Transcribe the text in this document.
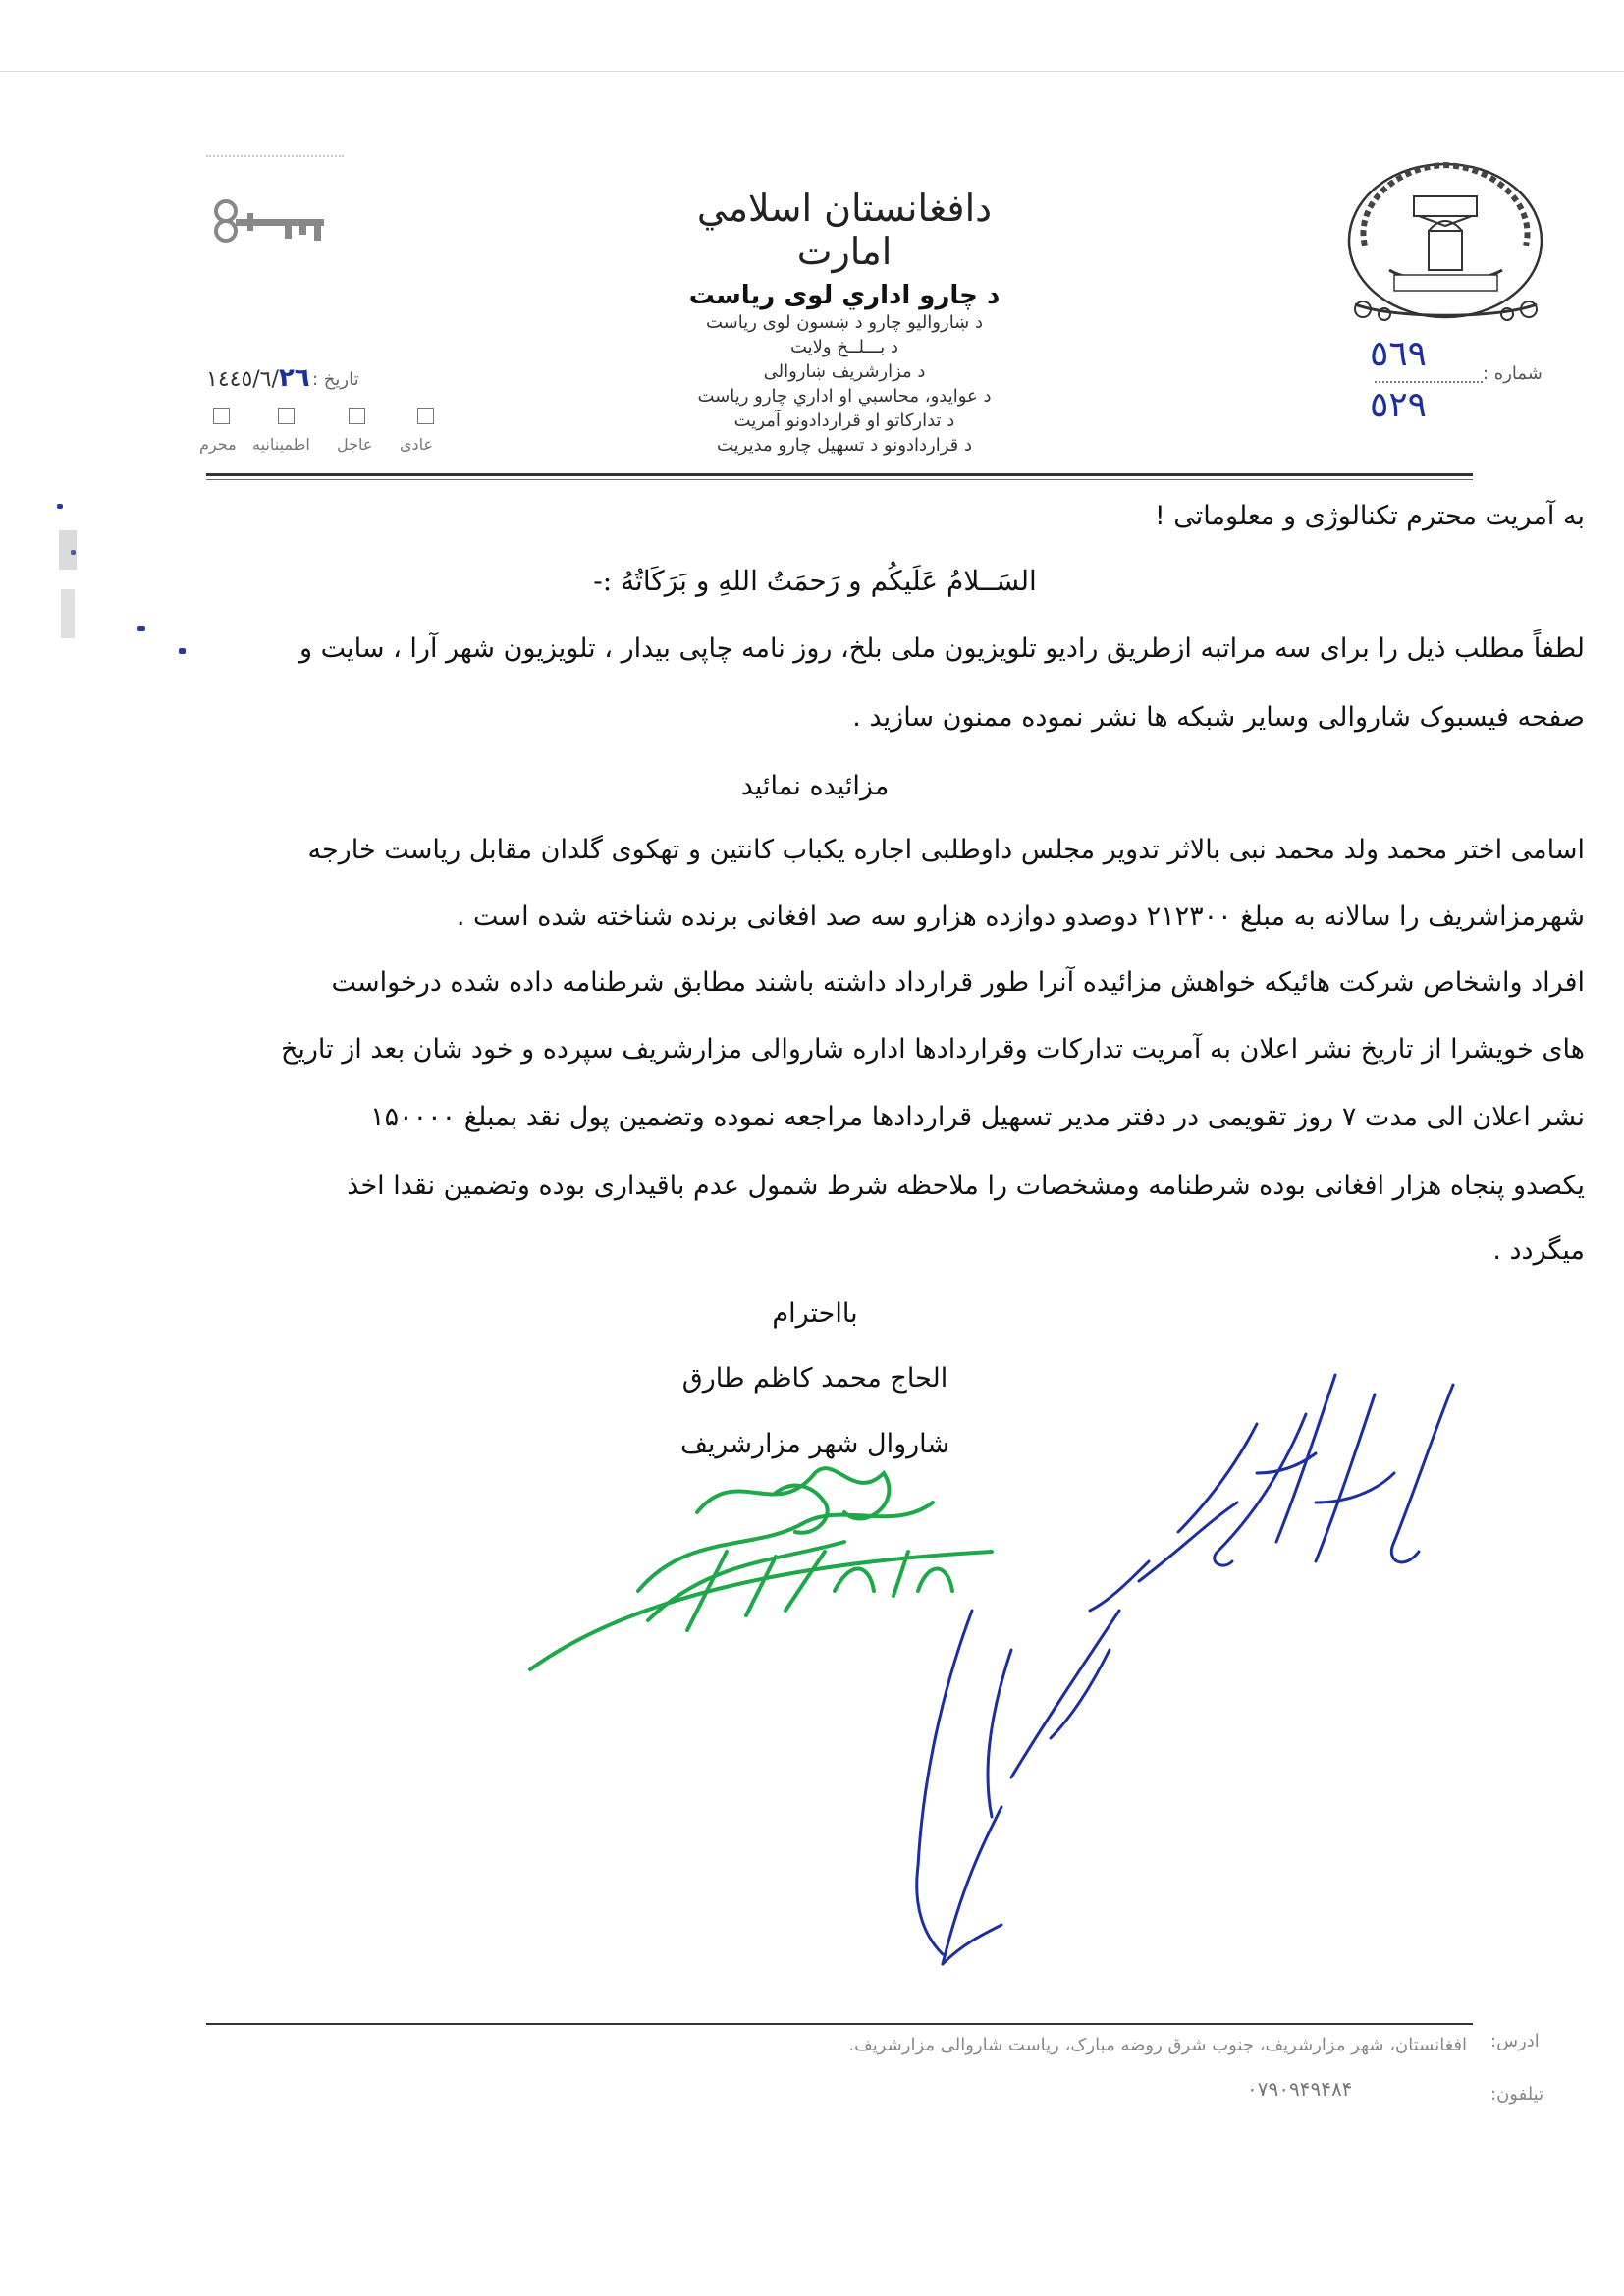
دافغانستان اسلامي امارت
د چارو اداري لوی رياست
د ښاروالیو چارو د ښسون لوی ریاست
د بـــلــخ ولايت
د مزارشريف ښاروالی
د عوايدو، محاسبي او اداري چارو رياست
د تدارکاتو او قراردادونو آمريت
د قراردادونو د تسهيل چارو مديريت
شماره :
٥٦٩
٥٢٩
تاریخ :
١٤٤٥/٦/٢٦
عادی
عاجل
اطمینانیه
محرم
به آمریت محترم تکنالوژی و معلوماتی !
السَــلامُ عَلَيكُم و رَحمَتُ اللهِ و بَرَکَاتُهُ :-
لطفاً مطلب ذیل را برای سه مراتبه ازطریق رادیو تلویزیون ملی بلخ، روز نامه چاپی بیدار ، تلویزیون شهر آرا ، سایت و
صفحه فیسبوک شاروالی وسایر شبکه ها نشر نموده ممنون سازید .
مزائیده نمائید
اسامی اختر محمد ولد محمد نبی بالاثر تدویر مجلس داوطلبی اجاره یکباب کانتین و تهکوی گلدان مقابل ریاست خارجه
شهرمزاشریف را سالانه به مبلغ ۲۱۲۳۰۰ دوصدو دوازده هزارو سه صد افغانی برنده شناخته شده است .
افراد واشخاص شرکت هائیکه خواهش مزائیده آنرا طور قرارداد داشته باشند مطابق شرطنامه داده شده درخواست
های خویشرا از تاریخ نشر اعلان به آمریت تدارکات وقراردادها اداره شاروالی مزارشریف سپرده و خود شان بعد از تاریخ
نشر اعلان الی مدت ۷ روز تقویمی در دفتر مدیر تسهیل قراردادها مراجعه نموده وتضمین پول نقد بمبلغ ۱۵۰۰۰۰
یکصدو پنجاه هزار افغانی بوده شرطنامه ومشخصات را ملاحظه شرط شمول عدم باقیداری بوده وتضمین نقدا اخذ
میگردد .
بااحترام
الحاج محمد کاظم طارق
شاروال شهر مزارشریف
ادرس:
افغانستان، شهر مزارشریف، جنوب شرق روضه مبارک، ریاست شاروالی مزارشریف.
تیلفون:
۰۷۹۰۹۴۹۴۸۴
